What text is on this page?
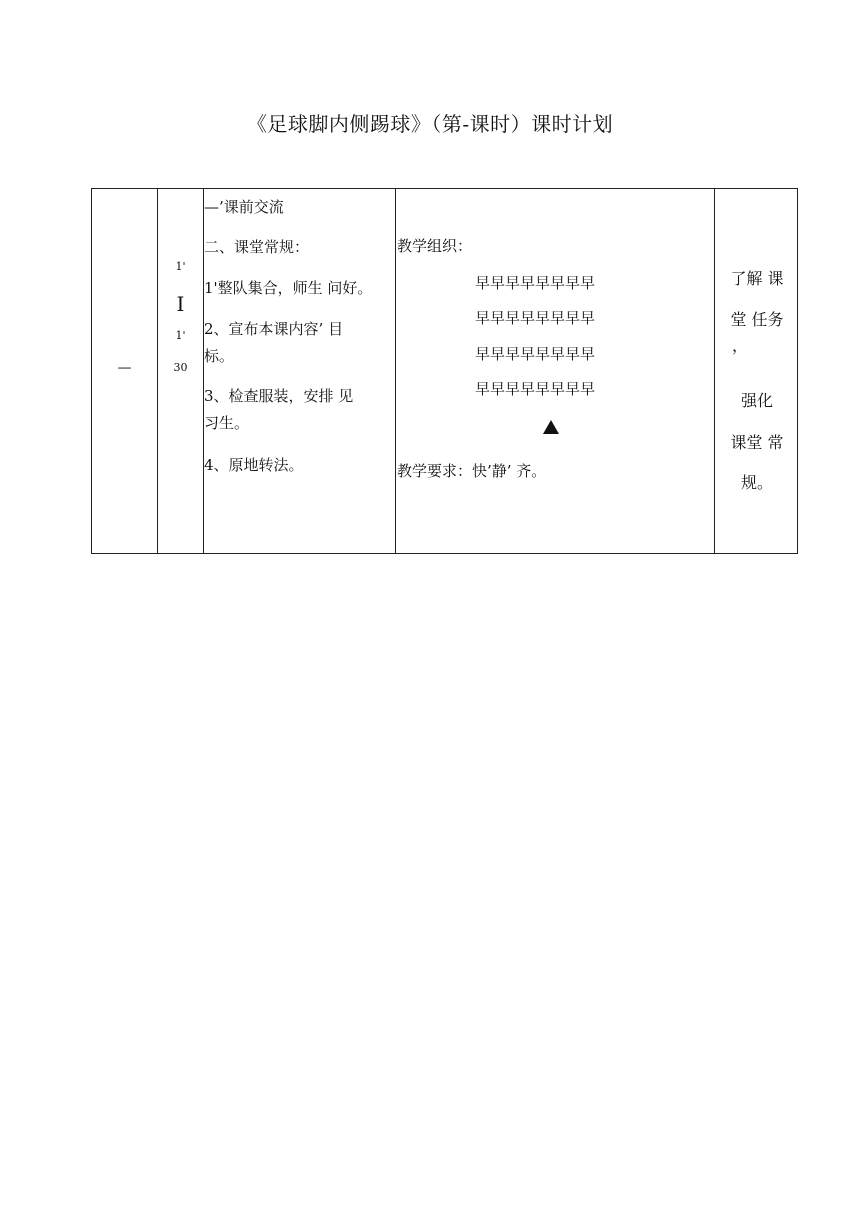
《足球脚内侧踢球》（第-课时）课时计划
—
1'
I
1'
30

—’课前交流

二、课堂常规：

1'整队集合，师生 问好。

2、宣布本课内容’ 目

标。

3、检查服装，安排 见

习生。

4、原地转法。

教学组织：
早早早早早早早早
早早早早早早早早
早早早早早早早早
早早早早早早早早
教学要求：快’静’ 齐。
了解 课
堂 任务
，
强化
课堂 常
规。
